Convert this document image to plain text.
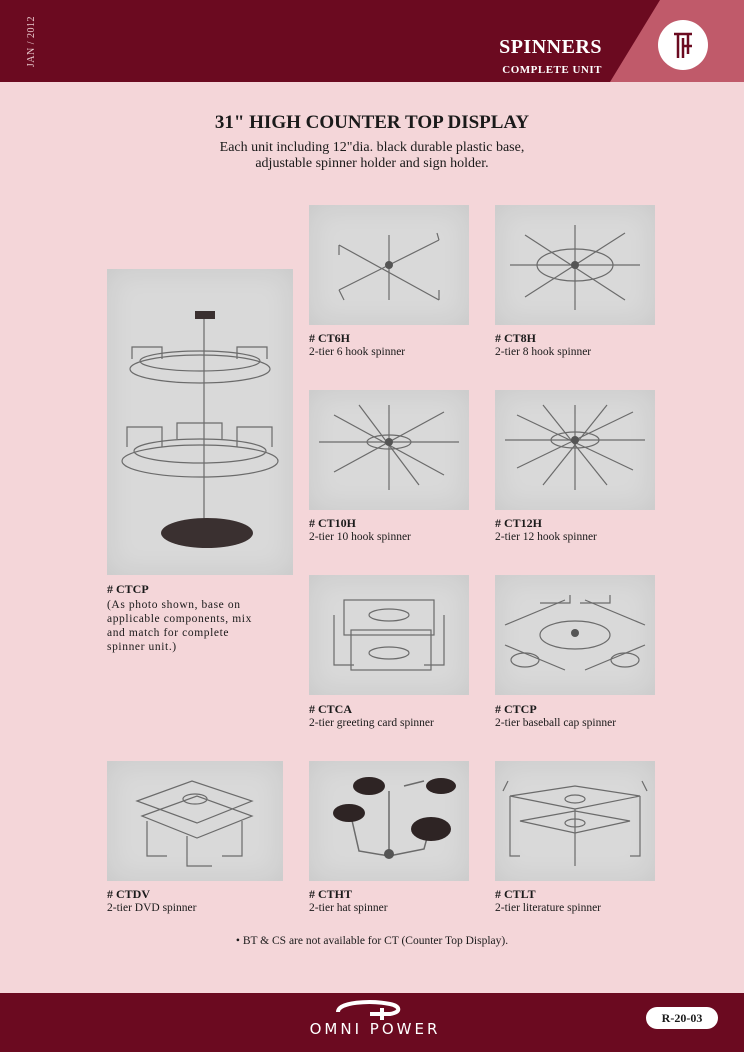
JAN / 2012	SPINNERS
COMPLETE UNIT
31" HIGH COUNTER TOP DISPLAY
Each unit including 12"dia. black durable plastic base,
adjustable spinner holder and sign holder.
# CTCP
(As photo shown, base on applicable components, mix and match for complete spinner unit.)
# CT6H
2-tier 6 hook spinner
# CT8H
2-tier 8 hook spinner
# CT10H
2-tier 10 hook spinner
# CT12H
2-tier 12 hook spinner
# CTCA
2-tier greeting card spinner
# CTCP
2-tier baseball cap spinner
# CTDV
2-tier DVD spinner
# CTHT
2-tier hat spinner
# CTLT
2-tier literature spinner
• BT & CS are not available for CT (Counter Top Display).
OMNI POWER
R-20-03
